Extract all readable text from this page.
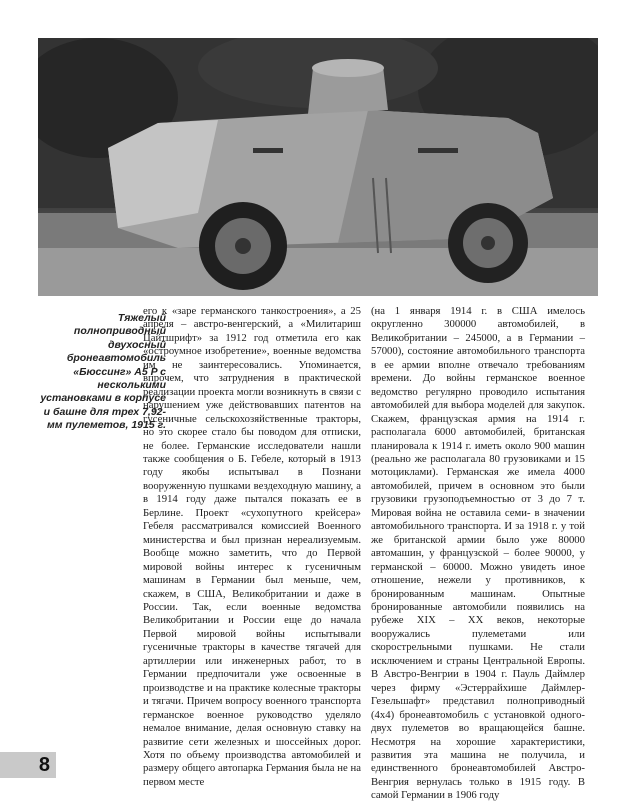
Тяжелый полноприводный двухосный бронеавтомобиль «Бюссинг» A5 P с несколькими установками в корпусе и башне для трех 7,92-мм пулеметов, 1915 г.

его к «заре германского танкостроения», а 25 апреля – австро-венгерский, а «Милитариш Цайтшрифт» за 1912 год отметила его как «остроумное изобретение», военные ведомства им не заинтересовались. Упоминается, впрочем, что затруднения в практической реализации проекта могли возникнуть в связи с нарушением уже действовавших патентов на гусеничные сельскохозяйственные тракторы, но это скорее стало бы поводом для отписки, не более. Германские исследователи нашли также сообщения о Б. Гебеле, который в 1913 году якобы испытывал в Познани вооруженную пушками вездеходную машину, а в 1914 году даже пытался показать ее в Берлине. Проект «сухопутного крейсера» Гебеля рассматривался комиссией Военного министерства и был признан нереализуемым. Вообще можно заметить, что до Первой мировой войны интерес к гусеничным машинам в Германии был меньше, чем, скажем, в США, Великобритании и даже в России. Так, если военные ведомства Великобритании и России еще до начала Первой мировой войны испытывали гусеничные тракторы в качестве тягачей для артиллерии или инженерных работ, то в Германии предпочитали уже освоенные в производстве и на практике колесные тракторы и тягачи. Причем вопросу военного транспорта германское военное руководство уделяло немалое внимание, делая основную ставку на развитие сети железных и шоссейных дорог. Хотя по объему производства автомобилей и размеру общего автопарка Германия была не на первом месте

(на 1 января 1914 г. в США имелось округленно 300000 автомобилей, в Великобритании – 245000, а в Германии – 57000), состояние автомобильного транспорта в ее армии вполне отвечало требованиям времени. До войны германское военное ведомство регулярно проводило испытания автомобилей для выбора моделей для закупок. Скажем, французская армия на 1914 г. располагала 6000 автомобилей, британская планировала к 1914 г. иметь около 900 машин (реально же располагала 80 грузовиками и 15 мотоциклами). Германская же имела 4000 автомобилей, причем в основном это были грузовики грузоподъемностью от 3 до 7 т. Мировая война не оставила семи- в значении автомобильного транспорта. И за 1918 г. у той же британской армии было уже 80000 автомашин, у французской – более 90000, у германской – 60000. Можно увидеть иное отношение, нежели у противников, к бронированным машинам. Опытные бронированные автомобили появились на рубеже XIX – XX веков, некоторые вооружались пулеметами или скорострельными пушками. Не стали исключением и страны Центральной Европы. В Австро-Венгрии в 1904 г. Пауль Даймлер через фирму «Эстеррайхише Даймлер-Гезельшафт» представил полноприводный (4х4) бронеавтомобиль с установкой одного-двух пулеметов во вращающейся башне. Несмотря на хорошие характеристики, развития эта машина не получила, и единственного бронеавтомобилей Австро-Венгрия вернулась только в 1915 году. В самой Германии в 1906 году

8
